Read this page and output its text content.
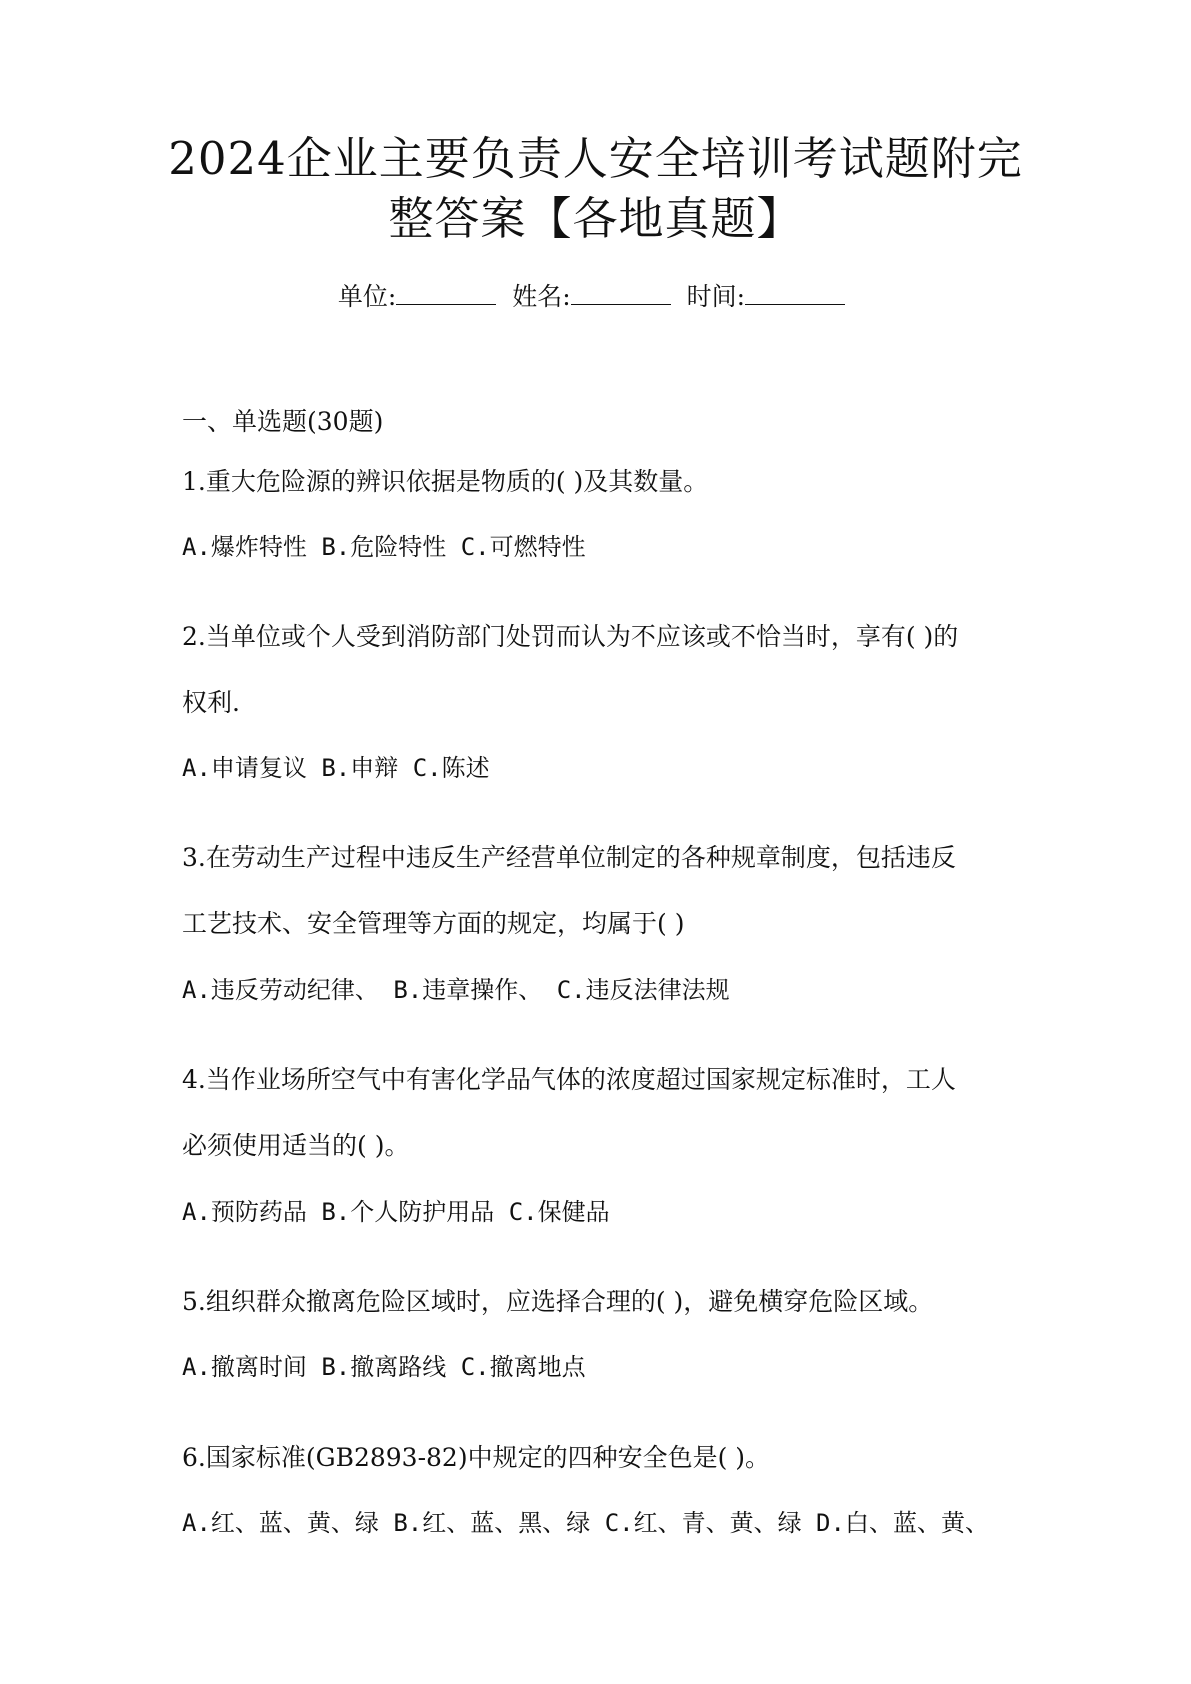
2024企业主要负责人安全培训考试题附完
整答案【各地真题】
单位:	姓名:	时间:
一、单选题(30题)
1.重大危险源的辨识依据是物质的( )及其数量。
A.爆炸特性 B.危险特性 C.可燃特性
2.当单位或个人受到消防部门处罚而认为不应该或不恰当时，享有( )的
权利.
A.申请复议 B.申辩 C.陈述
3.在劳动生产过程中违反生产经营单位制定的各种规章制度，包括违反
工艺技术、安全管理等方面的规定，均属于( )
A.违反劳动纪律、 B.违章操作、 C.违反法律法规
4.当作业场所空气中有害化学品气体的浓度超过国家规定标准时，工人
必须使用适当的( )。
A.预防药品 B.个人防护用品 C.保健品
5.组织群众撤离危险区域时，应选择合理的( )，避免横穿危险区域。
A.撤离时间 B.撤离路线 C.撤离地点
6.国家标准(GB2893-82)中规定的四种安全色是( )。
A.红、蓝、黄、绿 B.红、蓝、黑、绿 C.红、青、黄、绿 D.白、蓝、黄、
